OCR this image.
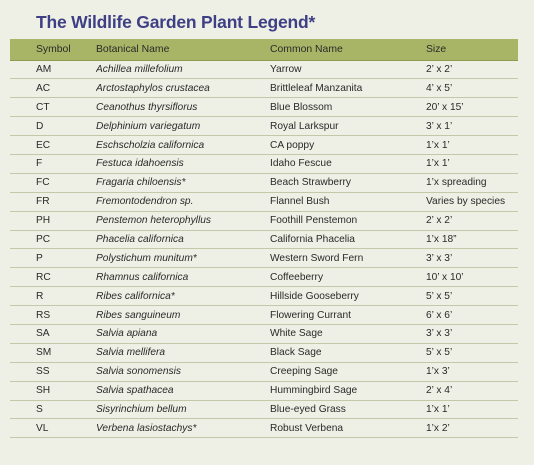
The Wildlife Garden Plant Legend*
Symbol	Botanical Name	Common Name	Size
AM	Achillea millefolium	Yarrow	2’ x 2’
AC	Arctostaphylos crustacea	Brittleleaf Manzanita	4’ x 5’
CT	Ceanothus thyrsiflorus	Blue Blossom	20’ x 15’
D	Delphinium variegatum	Royal Larkspur	3’ x 1’
EC	Eschscholzia californica	CA poppy	1’x 1’
F	Festuca idahoensis	Idaho Fescue	1’x 1’
FC	Fragaria chiloensis*	Beach Strawberry	1’x spreading
FR	Fremontodendron sp.	Flannel Bush	Varies by species
PH	Penstemon heterophyllus	Foothill Penstemon	2’ x 2’
PC	Phacelia californica	California Phacelia	1’x 18”
P	Polystichum munitum*	Western Sword Fern	3’ x 3’
RC	Rhamnus californica	Coffeeberry	10’ x 10’
R	Ribes californica*	Hillside Gooseberry	5’ x 5’
RS	Ribes sanguineum	Flowering Currant	6’ x 6’
SA	Salvia apiana	White Sage	3’ x 3’
SM	Salvia mellifera	Black Sage	5’ x 5’
SS	Salvia sonomensis	Creeping Sage	1’x 3’
SH	Salvia spathacea	Hummingbird Sage	2’ x 4’
S	Sisyrinchium bellum	Blue-eyed Grass	1’x 1’
VL	Verbena lasiostachys*	Robust Verbena	1’x 2’
